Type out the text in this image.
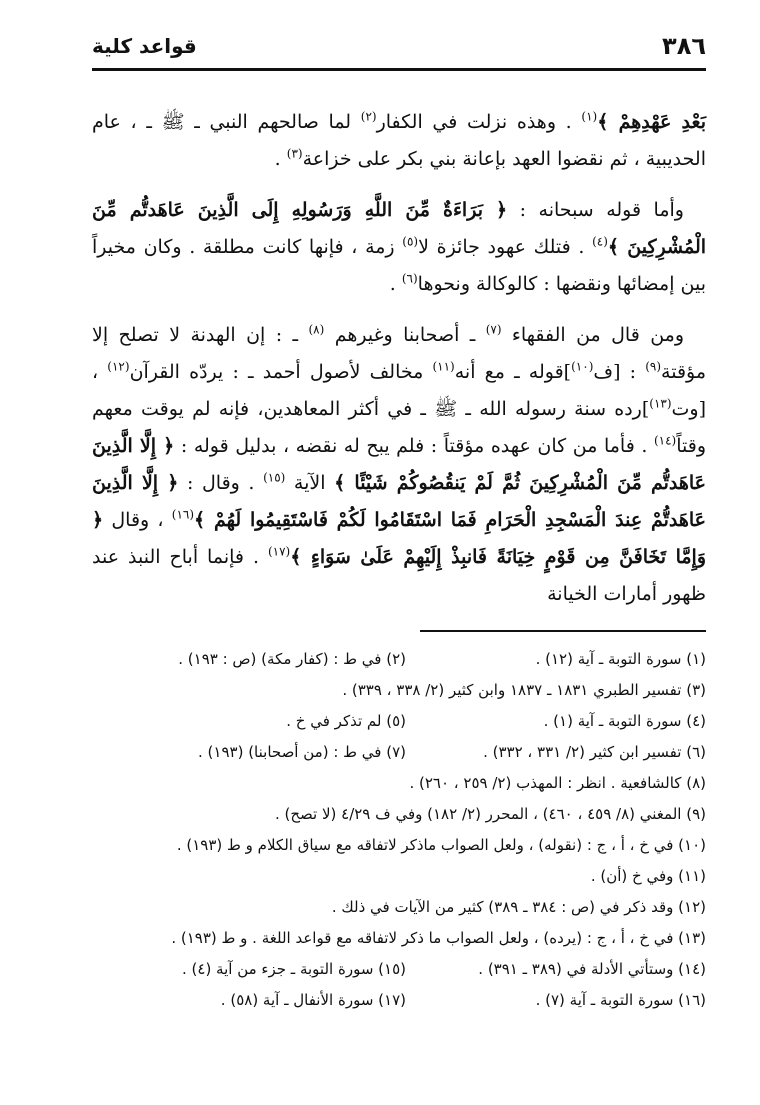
٣٨٦
قواعد كلية

بَعْدِ عَهْدِهِمْ ﴾$^{(١)}$ . وهذه نزلت في الكفار$^{(٢)}$ لما صالحهم النبي ـ ﷺ ـ ، عام الحديبية ، ثم نقضوا العهد بإعانة بني بكر على خزاعة$^{(٣)}$ .

وأما قوله سبحانه : ﴿ بَرَاءَةٌ مِّنَ اللَّهِ وَرَسُولِهِ إِلَى الَّذِينَ عَاهَدتُّم مِّنَ الْمُشْرِكِينَ ﴾$^{(٤)}$ . فتلك عهود جائزة لا$^{(٥)}$ زمة ، فإنها كانت مطلقة . وكان مخيراً بين إمضائها ونقضها : كالوكالة ونحوها$^{(٦)}$ .

ومن قال من الفقهاء $^{(٧)}$ ـ أصحابنا وغيرهم $^{(٨)}$ ـ : إن الهدنة لا تصلح إلا مؤقتة$^{(٩)}$ : [ف$^{(١٠)}$]قوله ـ مع أنه$^{(١١)}$ مخالف لأصول أحمد ـ : يردّه القرآن$^{(١٢)}$ ، [وت$^{(١٣)}$]رده سنة رسوله الله ـ ﷺ ـ في أكثر المعاهدين، فإنه لم يوقت معهم وقتاً$^{(١٤)}$ . فأما من كان عهده مؤقتاً : فلم يبح له نقضه ، بدليل قوله : ﴿ إِلَّا الَّذِينَ عَاهَدتُّم مِّنَ الْمُشْرِكِينَ ثُمَّ لَمْ يَنقُصُوكُمْ شَيْئًا ﴾ الآية $^{(١٥)}$ . وقال : ﴿ إِلَّا الَّذِينَ عَاهَدتُّمْ عِندَ الْمَسْجِدِ الْحَرَامِ فَمَا اسْتَقَامُوا لَكُمْ فَاسْتَقِيمُوا لَهُمْ ﴾$^{(١٦)}$ ، وقال ﴿ وَإِمَّا تَخَافَنَّ مِن قَوْمٍ خِيَانَةً فَانبِذْ إِلَيْهِمْ عَلَىٰ سَوَاءٍ ﴾$^{(١٧)}$ . فإنما أباح النبذ عند ظهور أمارات الخيانة

(١) سورة التوبة ـ آية (١٢) .
(٢) في ط : (كفار مكة) (ص : ١٩٣) .
(٣) تفسير الطبري ١٨٣١ ـ ١٨٣٧ وابن كثير (٢/ ٣٣٨ ، ٣٣٩) .
(٤) سورة التوبة ـ آية (١) .
(٥) لم تذكر في خ .
(٦) تفسير ابن كثير (٢/ ٣٣١ ، ٣٣٢) .
(٧) في ط : (من أصحابنا) (١٩٣) .
(٨) كالشافعية . انظر : المهذب (٢/ ٢٥٩ ، ٢٦٠) .
(٩) المغني (٨/ ٤٥٩ ، ٤٦٠) ، المحرر (٢/ ١٨٢) وفي ف ٤/٢٩ (لا تصح) .
(١٠) في خ ، أ ، ج : (نقوله) ، ولعل الصواب ماذكر لاتفاقه مع سياق الكلام و ط (١٩٣) .
(١١) وفي خ (أن) .
(١٢) وقد ذكر في (ص : ٣٨٤ ـ ٣٨٩) كثير من الآيات في ذلك .
(١٣) في خ ، أ ، ج : (يرده) ، ولعل الصواب ما ذكر لاتفاقه مع قواعد اللغة . و ط (١٩٣) .
(١٤) وستأتي الأدلة في (٣٨٩ ـ ٣٩١) .
(١٥) سورة التوبة ـ جزء من آية (٤) .
(١٦) سورة التوبة ـ آية (٧) .
(١٧) سورة الأنفال ـ آية (٥٨) .
